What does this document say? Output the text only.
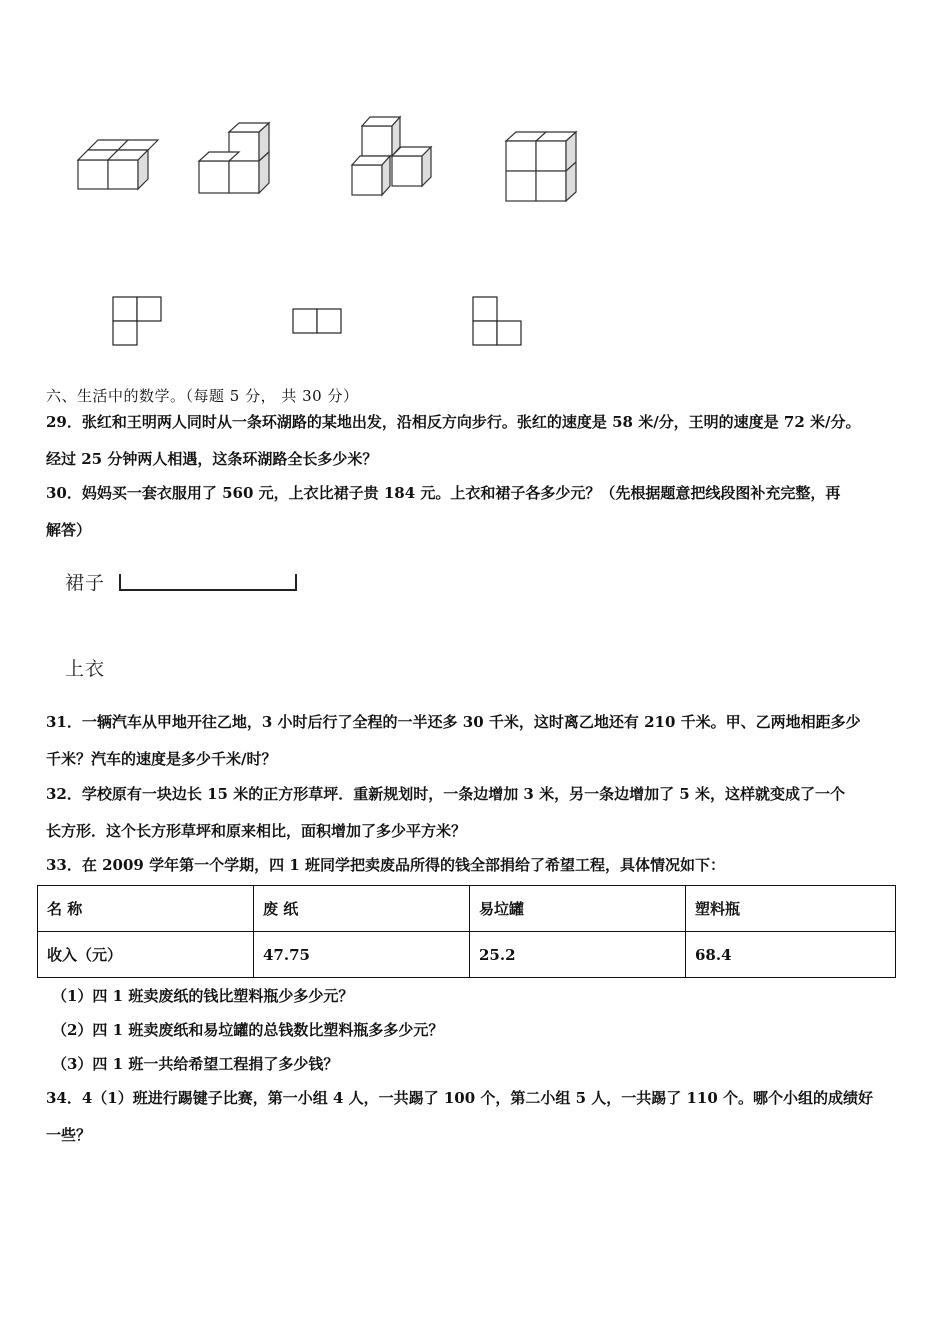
六、生活中的数学。（每题 5 分， 共 30 分）
29．张红和王明两人同时从一条环湖路的某地出发，沿相反方向步行。张红的速度是 58 米/分，王明的速度是 72 米/分。
经过 25 分钟两人相遇，这条环湖路全长多少米？
30．妈妈买一套衣服用了 560 元，上衣比裙子贵 184 元。上衣和裙子各多少元？（先根据题意把线段图补充完整，再
解答）
裙子
上衣
31．一辆汽车从甲地开往乙地，3 小时后行了全程的一半还多 30 千米，这时离乙地还有 210 千米。甲、乙两地相距多少
千米？汽车的速度是多少千米/时？
32．学校原有一块边长 15 米的正方形草坪．重新规划时，一条边增加 3 米，另一条边增加了 5 米，这样就变成了一个
长方形．这个长方形草坪和原来相比，面积增加了多少平方米？
33．在 2009 学年第一个学期，四 1 班同学把卖废品所得的钱全部捐给了希望工程，具体情况如下：
名 称	废 纸	易垃罐	塑料瓶
收入（元）	47.75	25.2	68.4
（1）四 1 班卖废纸的钱比塑料瓶少多少元？
（2）四 1 班卖废纸和易垃罐的总钱数比塑料瓶多多少元？
（3）四 1 班一共给希望工程捐了多少钱？
34．4（1）班进行踢键子比赛，第一小组 4 人，一共踢了 100 个，第二小组 5 人，一共踢了 110 个。哪个小组的成绩好
一些？
